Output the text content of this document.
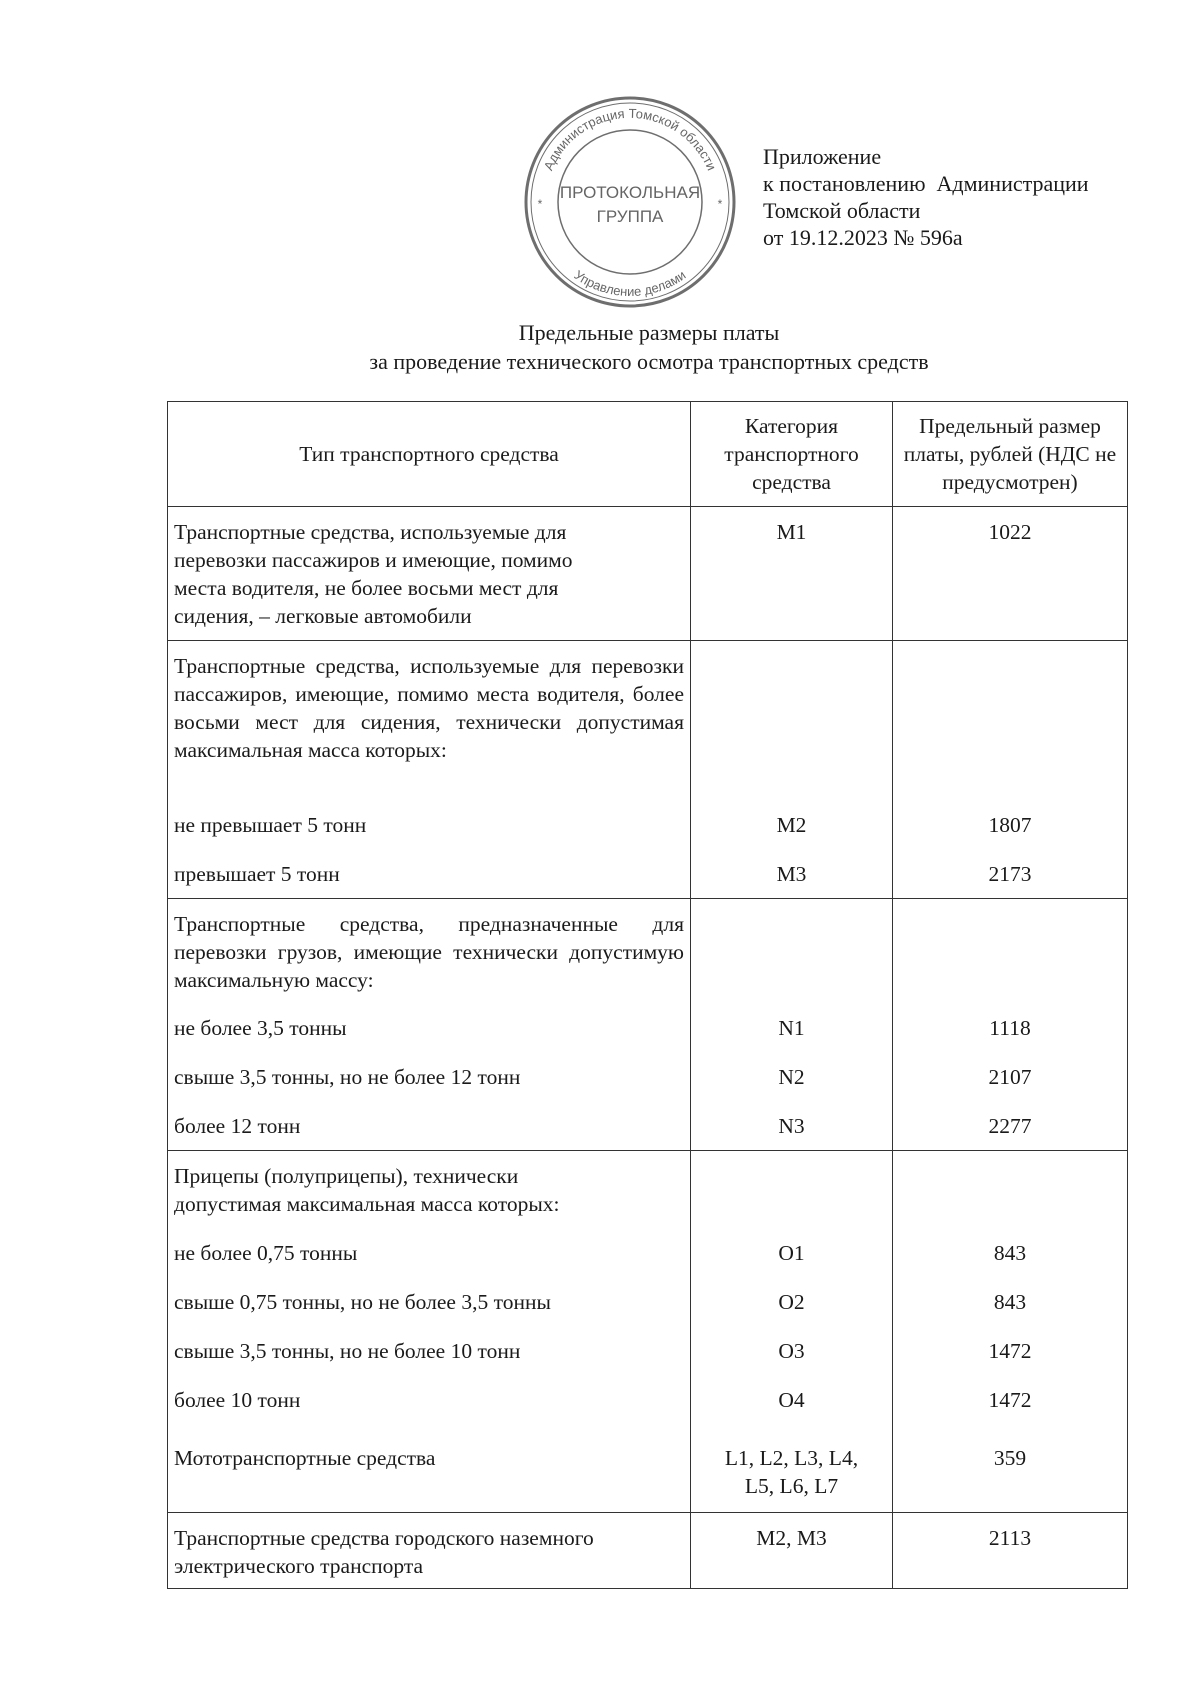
Администрация Томской области
Управление делами
*	*
ПРОТОКОЛЬНАЯ
ГРУППА
Приложение
к постановлению  Администрации
Томской области
от 19.12.2023 № 596а
Предельные размеры платы
за проведение технического осмотра транспортных средств
Тип транспортного средства	Категория транспортного средства	Предельный размер платы, рублей (НДС не предусмотрен)
Транспортные средства, используемые для перевозки пассажиров и имеющие, помимо места водителя, не более восьми мест для сидения, – легковые автомобили	M1	1022
Транспортные средства, используемые для перевозки пассажиров, имеющие, помимо места водителя, более восьми мест для сидения, технически допустимая максимальная масса которых:		
не превышает 5 тонн	M2	1807
превышает 5 тонн	M3	2173
Транспортные средства, предназначенные для перевозки грузов, имеющие технически допустимую максимальную массу:		
не более 3,5 тонны	N1	1118
свыше 3,5 тонны, но не более 12 тонн	N2	2107
более 12 тонн	N3	2277
Прицепы (полуприцепы), технически допустимая максимальная масса которых:		
не более 0,75 тонны	O1	843
свыше 0,75 тонны, но не более 3,5 тонны	O2	843
свыше 3,5 тонны, но не более 10 тонн	O3	1472
более 10 тонн	O4	1472
Мототранспортные средства	L1, L2, L3, L4, L5, L6, L7	359
Транспортные средства городского наземного электрического транспорта	M2, M3	2113
